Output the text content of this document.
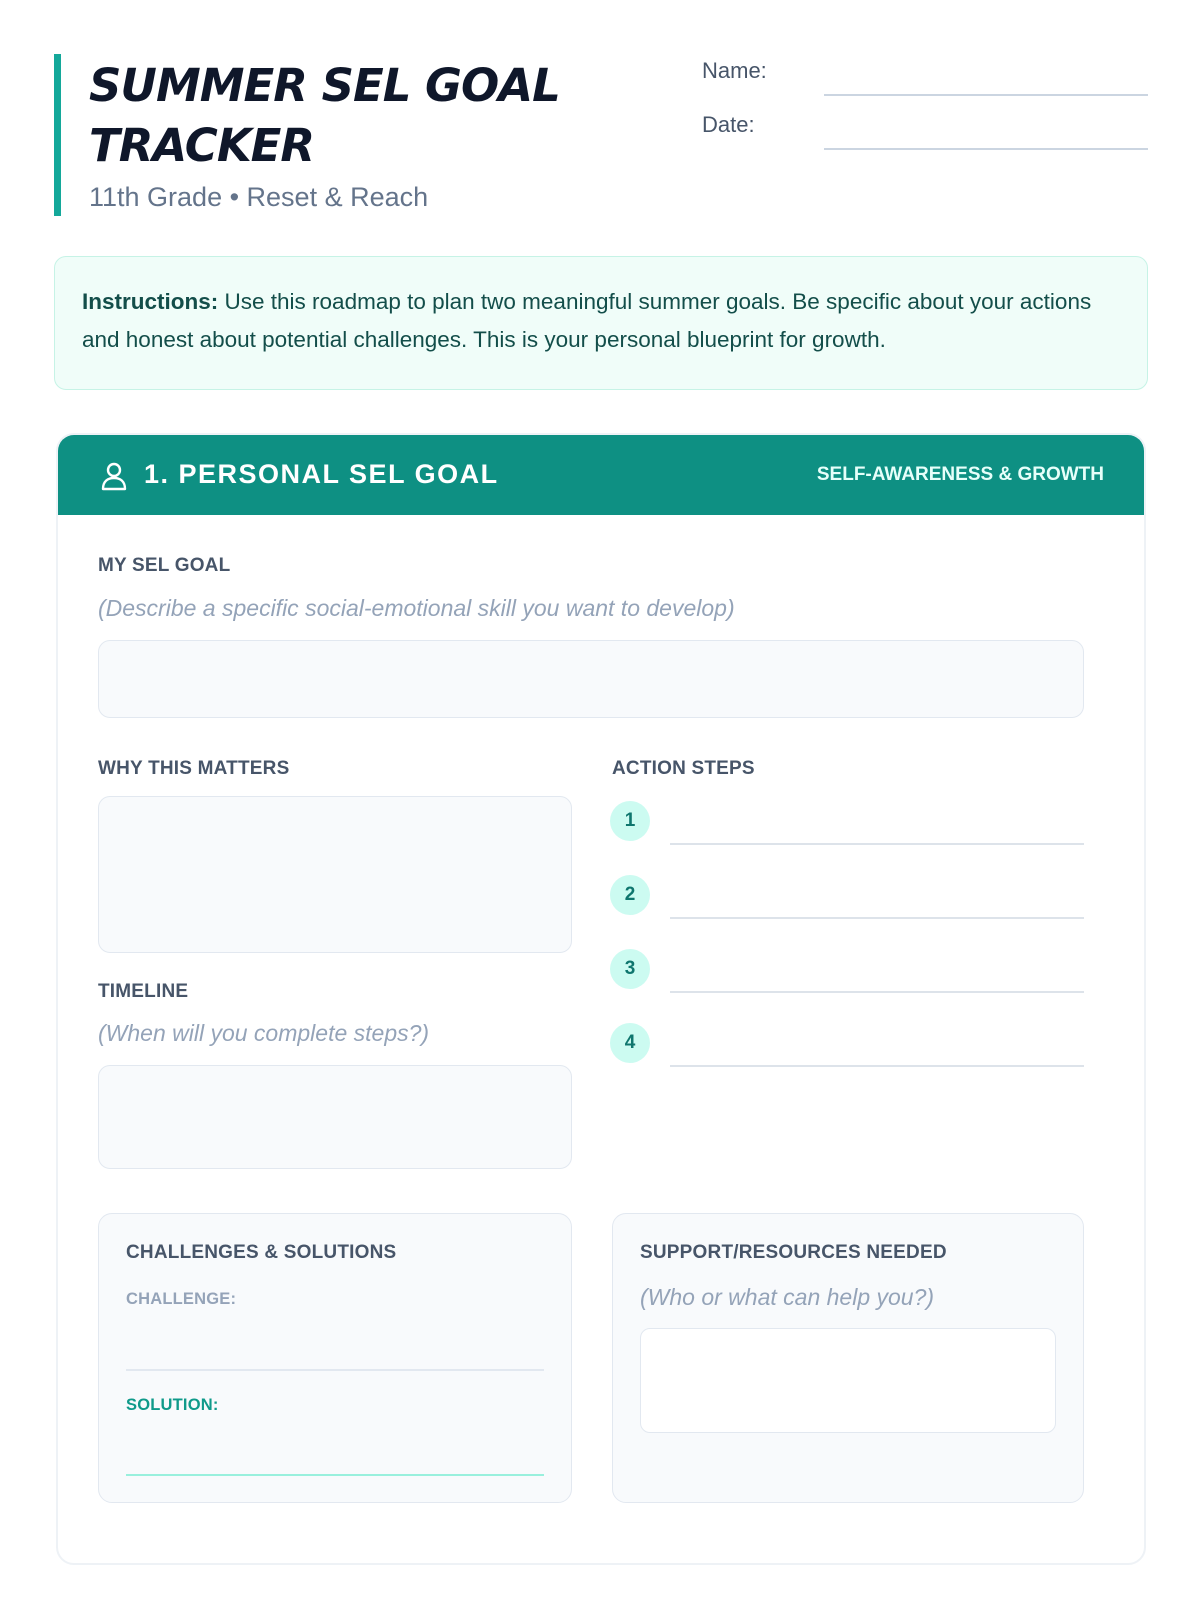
SUMMER SEL GOAL TRACKER
11th Grade • Reset & Reach
Name:
Date:
Instructions: Use this roadmap to plan two meaningful summer goals. Be specific about your actions and honest about potential challenges. This is your personal blueprint for growth.
1. PERSONAL SEL GOAL	SELF-AWARENESS & GROWTH
MY SEL GOAL
(Describe a specific social-emotional skill you want to develop)
WHY THIS MATTERS
TIMELINE
(When will you complete steps?)
ACTION STEPS
1
2
3
4
CHALLENGES & SOLUTIONS
CHALLENGE:
SOLUTION:
SUPPORT/RESOURCES NEEDED
(Who or what can help you?)
